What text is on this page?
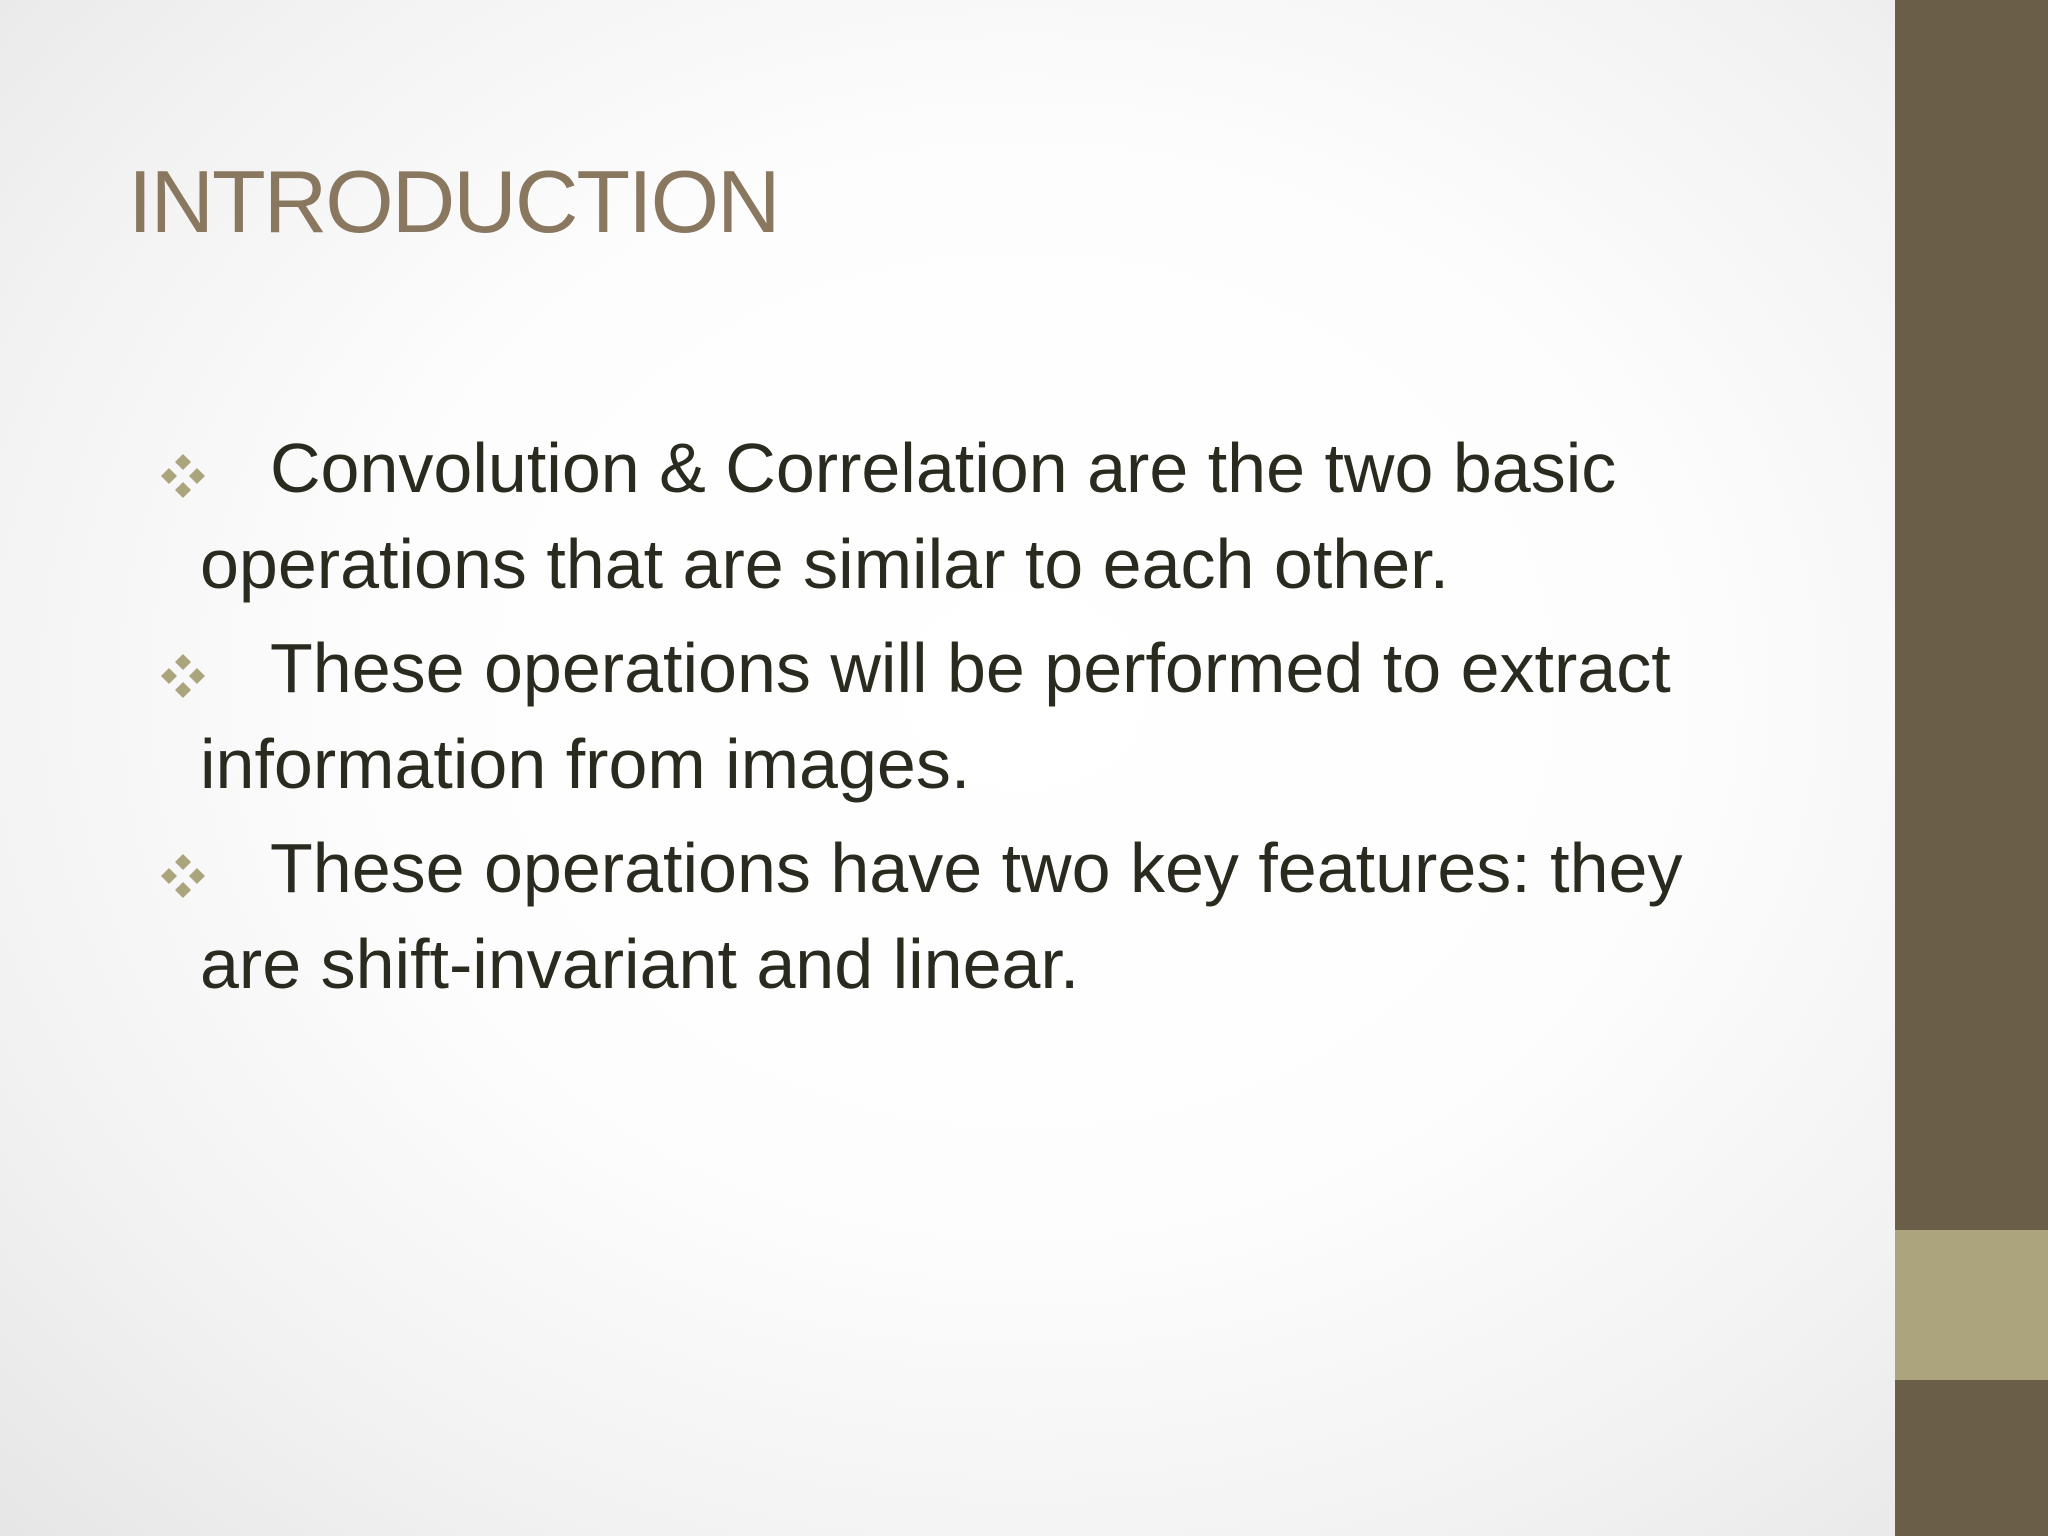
INTRODUCTION
Convolution & Correlation are the two basic
operations that are similar to each other.
These operations will be performed to extract
information from images.
These operations have two key features: they
are shift-invariant and linear.
